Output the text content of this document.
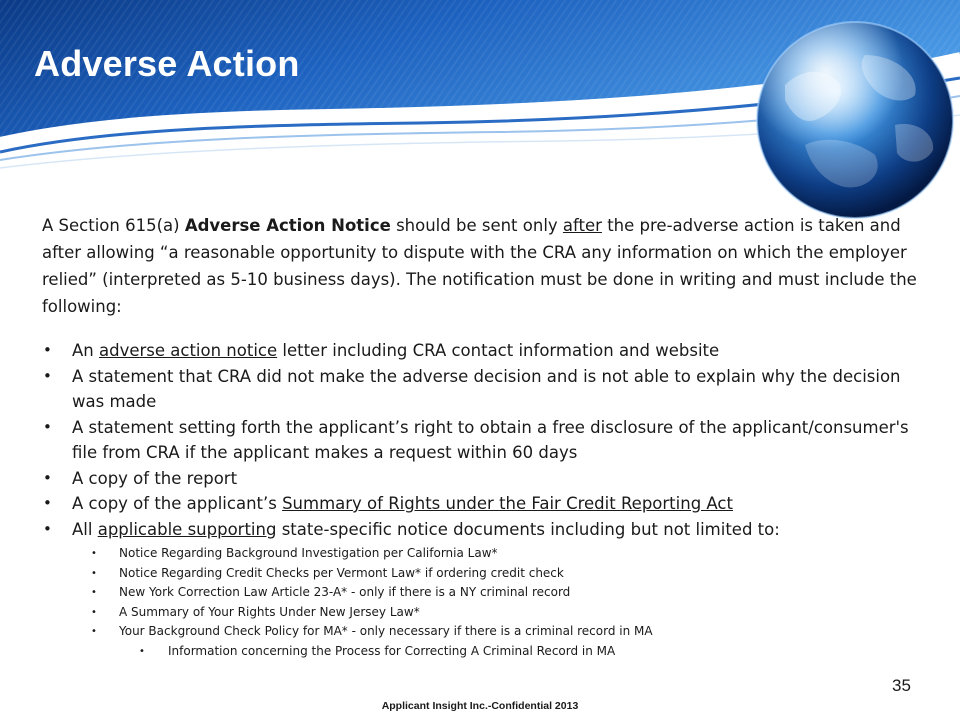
Adverse Action

A Section 615(a) Adverse Action Notice should be sent only after the pre-adverse action is taken and after allowing “a reasonable opportunity to dispute with the CRA any information on which the employer relied” (interpreted as 5-10 business days). The notification must be done in writing and must include the following:

• An adverse action notice letter including CRA contact information and website
• A statement that CRA did not make the adverse decision and is not able to explain why the decision was made
• A statement setting forth the applicant’s right to obtain a free disclosure of the applicant/consumer's file from CRA if the applicant makes a request within 60 days
• A copy of the report
• A copy of the applicant’s Summary of Rights under the Fair Credit Reporting Act
• All applicable supporting state-specific notice documents including but not limited to:
• Notice Regarding Background Investigation per California Law*
• Notice Regarding Credit Checks per Vermont Law* if ordering credit check
• New York Correction Law Article 23-A* - only if there is a NY criminal record
• A Summary of Your Rights Under New Jersey Law*
• Your Background Check Policy for MA* - only necessary if there is a criminal record in MA
• Information concerning the Process for Correcting A Criminal Record in MA
35
Applicant Insight Inc.-Confidential 2013
